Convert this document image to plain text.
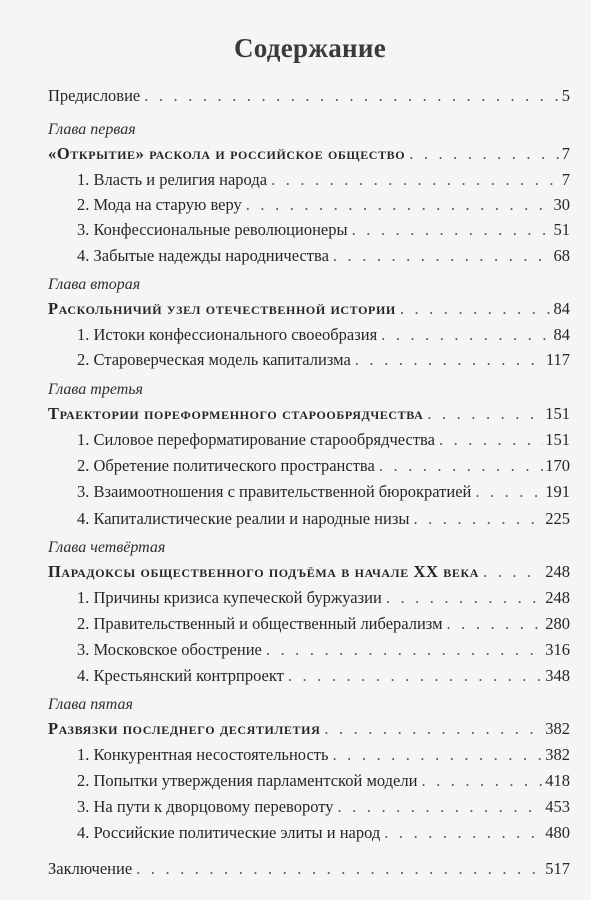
Содержание
Предисловие . . .	5
Глава первая
«Открытие» раскола и российское общество . . .	7
1. Власть и религия народа . . .	7
2. Мода на старую веру . . .	30
3. Конфессиональные революционеры . . .	51
4. Забытые надежды народничества . . .	68
Глава вторая
Раскольничий узел отечественной истории . . .	84
1. Истоки конфессионального своеобразия . . .	84
2. Староверческая модель капитализма . . .	117
Глава третья
Траектории пореформенного старообрядчества . . .	151
1. Силовое переформатирование старообрядчества . . .	151
2. Обретение политического пространства . . .	170
3. Взаимоотношения с правительственной бюрократией . . .	191
4. Капиталистические реалии и народные низы . . .	225
Глава четвёртая
Парадоксы общественного подъёма в начале XX века . . .	248
1. Причины кризиса купеческой буржуазии . . .	248
2. Правительственный и общественный либерализм . . .	280
3. Московское обострение . . .	316
4. Крестьянский контрпроект . . .	348
Глава пятая
Развязки последнего десятилетия . . .	382
1. Конкурентная несостоятельность . . .	382
2. Попытки утверждения парламентской модели . . .	418
3. На пути к дворцовому перевороту . . .	453
4. Российские политические элиты и народ . . .	480
Заключение . . .	517
